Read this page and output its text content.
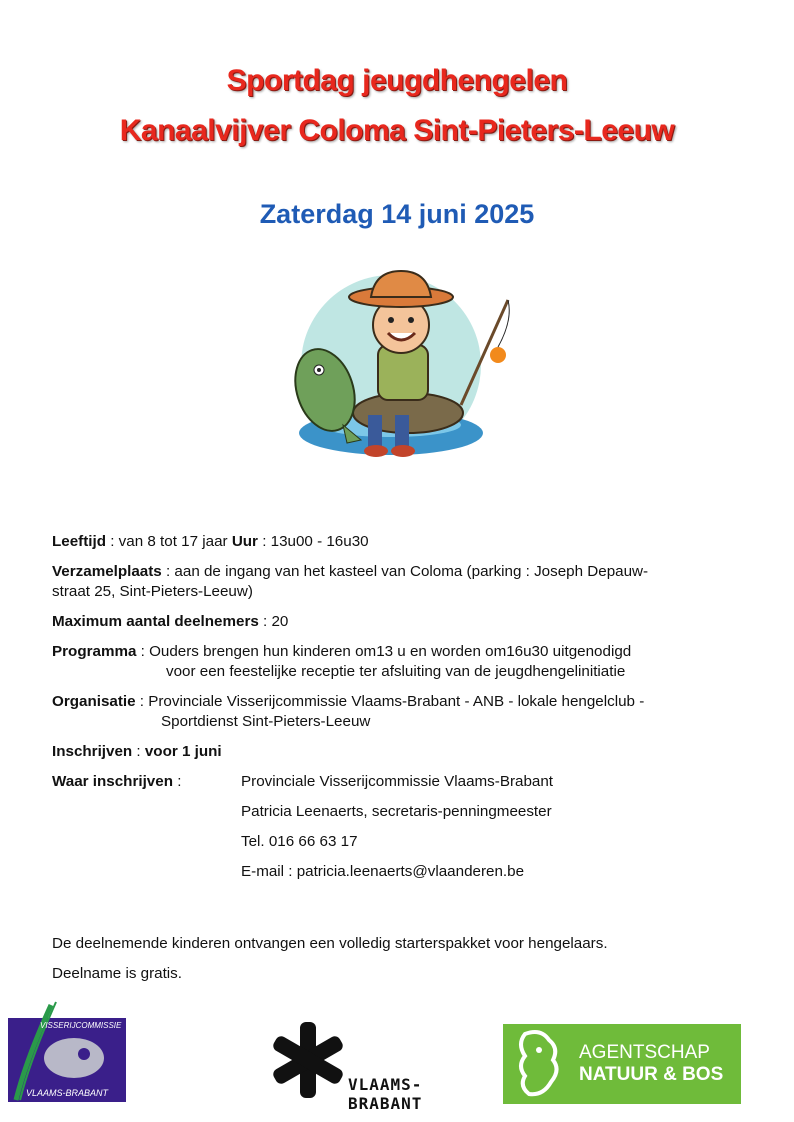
Sportdag jeugdhengelen
Kanaalvijver Coloma Sint-Pieters-Leeuw
Zaterdag 14 juni 2025
Leeftijd : van 8 tot 17 jaar Uur : 13u00 - 16u30
Verzamelplaats : aan de ingang van het kasteel van Coloma (parking : Joseph Depauw-
straat 25, Sint-Pieters-Leeuw)
Maximum aantal deelnemers : 20
Programma : Ouders brengen hun kinderen om13 u en worden om16u30 uitgenodigd
voor een feestelijke receptie ter afsluiting van de jeugdhengelinitiatie
Organisatie : Provinciale Visserijcommissie Vlaams-Brabant - ANB - lokale hengelclub -
Sportdienst Sint-Pieters-Leeuw
Inschrijven : voor 1 juni
Waar inschrijven :	Provinciale Visserijcommissie Vlaams-Brabant
Patricia Leenaerts, secretaris-penningmeester
Tel. 016 66 63 17
E-mail : patricia.leenaerts@vlaanderen.be
De deelnemende kinderen ontvangen een volledig starterspakket voor hengelaars.
Deelname is gratis.
VISSERIJCOMMISSIE
VLAAMS-BRABANT	VLAAMS-
BRABANT
AGENTSCHAP
NATUUR & BOS
